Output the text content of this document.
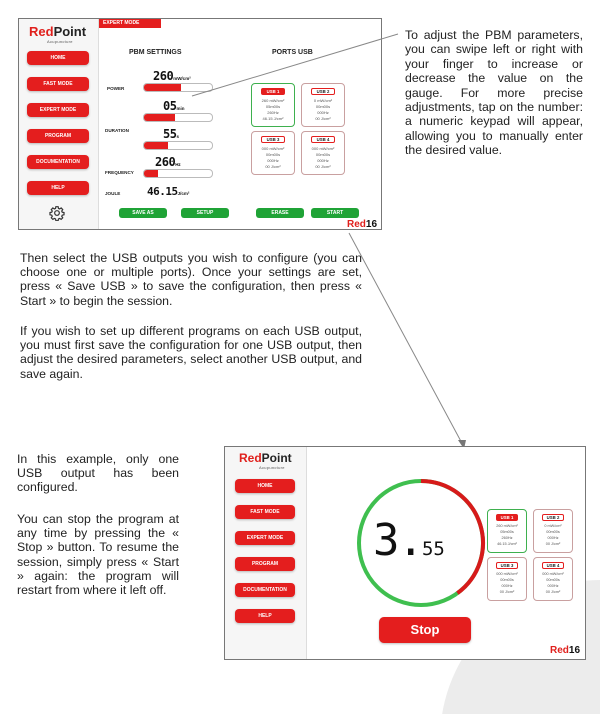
RedPoint
Acupuncture
HOME
FAST MODE
EXPERT MODE
PROGRAM
DOCUMENTATION
HELP
EXPERT MODE
PBM SETTINGS	PORTS USB
260mW/cm²
POWER
05min
DURATION	55s
260Hz
FREQUENCY
JOULE 46.15J/cm²
USB 1
260 mW/cm²
05m00s
260Hz
46.15 J/cm²
USB 2
0 mW/cm²
00m00s
000Hz
00 J/cm²
USB 3
000 mW/cm²
00m00s
000Hz
00 J/cm²
USB 4
000 mW/cm²
00m00s
000Hz
00 J/cm²
SAVE AS	SETUP	ERASE	START
Red16
To adjust the PBM parameters, you can swipe left or right with your finger to increase or decrease the value on the gauge. For more precise adjustments, tap on the number: a numeric keypad will appear, allowing you to manually enter the desired value.
Then select the USB outputs you wish to configure (you can choose one or multiple ports). Once your settings are set, press « Save USB » to save the configuration, then press « Start » to begin the session.
If you wish to set up different programs on each USB output, you must first save the configuration for one USB output, then adjust the desired parameters, select another USB output, and save again.
In this example, only one USB output has been configured.
You can stop the program at any time by pressing the « Stop » button. To resume the session, simply press « Start » again: the program will restart from where it left off.
RedPoint
Acupuncture
HOME
FAST MODE
EXPERT MODE
PROGRAM
DOCUMENTATION
HELP
3.55
USB 1
260 mW/cm²
05m00s
260Hz
46.15 J/cm²
USB 2
0 mW/cm²
00m00s
000Hz
00 J/cm²
USB 3
000 mW/cm²
00m00s
000Hz
00 J/cm²
USB 4
000 mW/cm²
00m00s
000Hz
00 J/cm²
Stop
Red16
